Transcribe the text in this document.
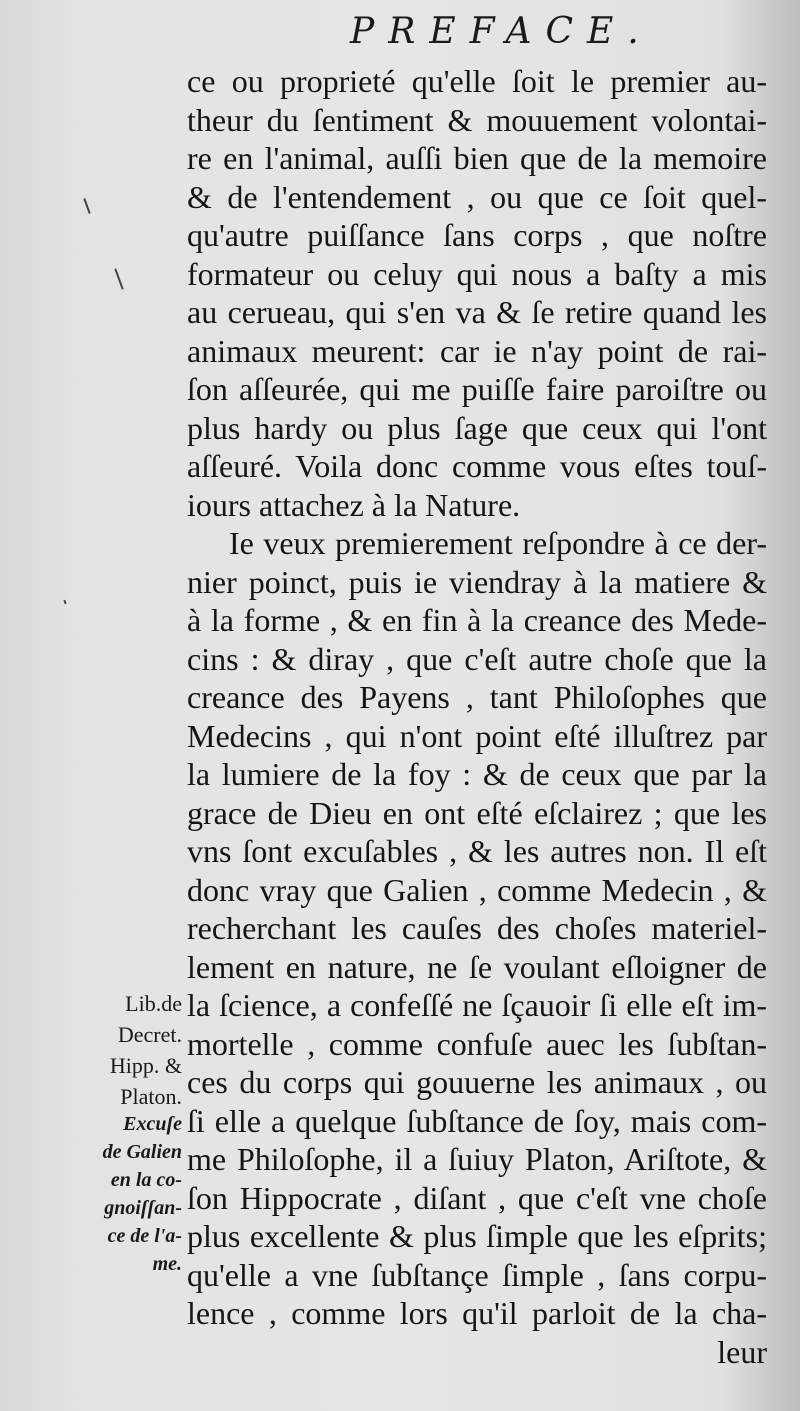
PREFACE.
ce ou proprieté qu'elle ſoit le premier au-
theur du ſentiment & mouuement volontai-
re en l'animal, auſſi bien que de la memoire
& de l'entendement , ou que ce ſoit quel-
qu'autre puiſſance ſans corps , que noſtre
formateur ou celuy qui nous a baſty a mis
au cerueau, qui s'en va & ſe retire quand les
animaux meurent: car ie n'ay point de rai-
ſon aſſeurée, qui me puiſſe faire paroiſtre ou
plus hardy ou plus ſage que ceux qui l'ont
aſſeuré. Voila donc comme vous eſtes touſ-
iours attachez à la Nature.
Ie veux premierement reſpondre à ce der-
nier poinct, puis ie viendray à la matiere &
à la forme , & en fin à la creance des Mede-
cins : & diray , que c'eſt autre choſe que la
creance des Payens , tant Philoſophes que
Medecins , qui n'ont point eſté illuſtrez par
la lumiere de la foy : & de ceux que par la
grace de Dieu en ont eſté eſclairez ; que les
vns ſont excuſables , & les autres non. Il eſt
donc vray que Galien , comme Medecin , &
recherchant les cauſes des choſes materiel-
lement en nature, ne ſe voulant eſloigner de
la ſcience, a confeſſé ne ſçauoir ſi elle eſt im-
mortelle , comme confuſe auec les ſubſtan-
ces du corps qui gouuerne les animaux , ou
ſi elle a quelque ſubſtance de ſoy, mais com-
me Philoſophe, il a ſuiuy Platon, Ariſtote, &
ſon Hippocrate , diſant , que c'eſt vne choſe
plus excellente & plus ſimple que les eſprits;
qu'elle a vne ſubſtançe ſimple , ſans corpu-
lence , comme lors qu'il parloit de la cha-
leur
Lib.de
Decret.
Hipp. &
Platon.
Excuſe
de Galien
en la co-
gnoiſſan-
ce de l'a-
me.
